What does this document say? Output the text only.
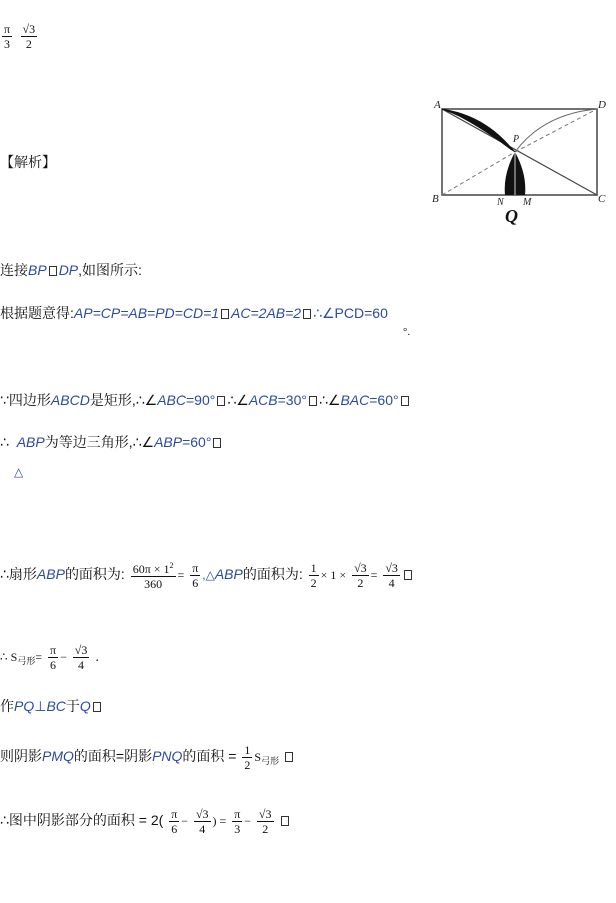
$\frac{\pi}{3}$
$\frac{√3}{2}$
【解析】
A	D
P
B	C
N M
Q
连接BP DP,如图所示:
根据题意得:AP=CP=AB=PD=CD=1 AC=2AB=2 ∴∠PCD=60
°.
∵四边形ABCD是矩形,∴∠ABC=90° ∴∠ACB=30° ∴∠BAC=60°
∴ ABP为等边三角形,∴∠ABP=60°
△
∴扇形ABP的面积为: $\frac{60\pi \times 1^2}{360} = \frac{\pi}{6}$ ,△ABP的面积为: $\frac{1}{2} \times 1 \times \frac{√3}{2} = \frac{√3}{4}$
∴ $S_{弓形}= \frac{\pi}{6} - \frac{√3}{4}$ .
作PQ⊥BC于Q
则阴影PMQ的面积=阴影PNQ的面积 = $\frac{1}{2} S_{弓形}$
∴图中阴影部分的面积 = $2( \frac{\pi}{6} - \frac{√3}{4}$ ) = $\frac{\pi}{3} - \frac{√3}{2}$
